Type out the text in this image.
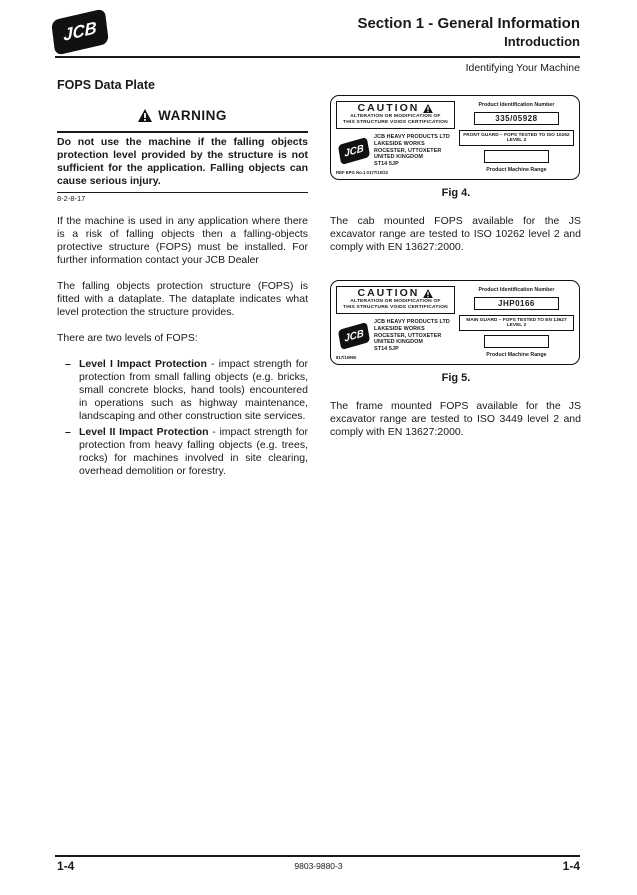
JCB	Section 1 - General Information
Introduction
Identifying Your Machine
FOPS Data Plate
WARNING
Do not use the machine if the falling objects protection level provided by the structure is not sufficient for the application. Falling objects can cause serious injury.
8-2-8-17

If the machine is used in any application where there is a risk of falling objects then a falling-objects protective structure (FOPS) must be installed. For further information contact your JCB Dealer

The falling objects protection structure (FOPS) is fitted with a dataplate. The dataplate indicates what level protection the structure provides.

There are two levels of FOPS:

– Level I Impact Protection - impact strength for protection from small falling objects (e.g. bricks, small concrete blocks, hand tools) encountered in operations such as highway maintenance, landscaping and other construction site services.
– Level II Impact Protection - impact strength for protection from heavy falling objects (e.g. trees, rocks) for machines involved in site clearing, overhead demolition or forestry.
CAUTION
ALTERATION OR MODIFICATION OF
THIS STRUCTURE VOIDS CERTIFICATION
JCB
JCB HEAVY PRODUCTS LTD
LAKESIDE WORKS
ROCESTER, UTTOXETER
UNITED KINGDOM
ST14 5JP
REF EPG No.1 0177/10/22
Product Identification Number
335/05928
FRONT GUARD – FOPS TESTED TO ISO 10262 LEVEL 2
Product Machine Range
Fig 4.

The cab mounted FOPS available for the JS excavator range are tested to ISO 10262 level 2 and comply with EN 13627:2000.

CAUTION
ALTERATION OR MODIFICATION OF
THIS STRUCTURE VOIDS CERTIFICATION
JCB
JCB HEAVY PRODUCTS LTD
LAKESIDE WORKS
ROCESTER, UTTOXETER
UNITED KINGDOM
ST14 5JP
817/10990
Product Identification Number
JHP0166
MAIN GUARD – FOPS TESTED TO EN 13627 LEVEL 2
Product Machine Range
Fig 5.

The frame mounted FOPS available for the JS excavator range are tested to ISO 3449 level 2 and comply with EN 13627:2000.

1-4	9803-9880-3	1-4
